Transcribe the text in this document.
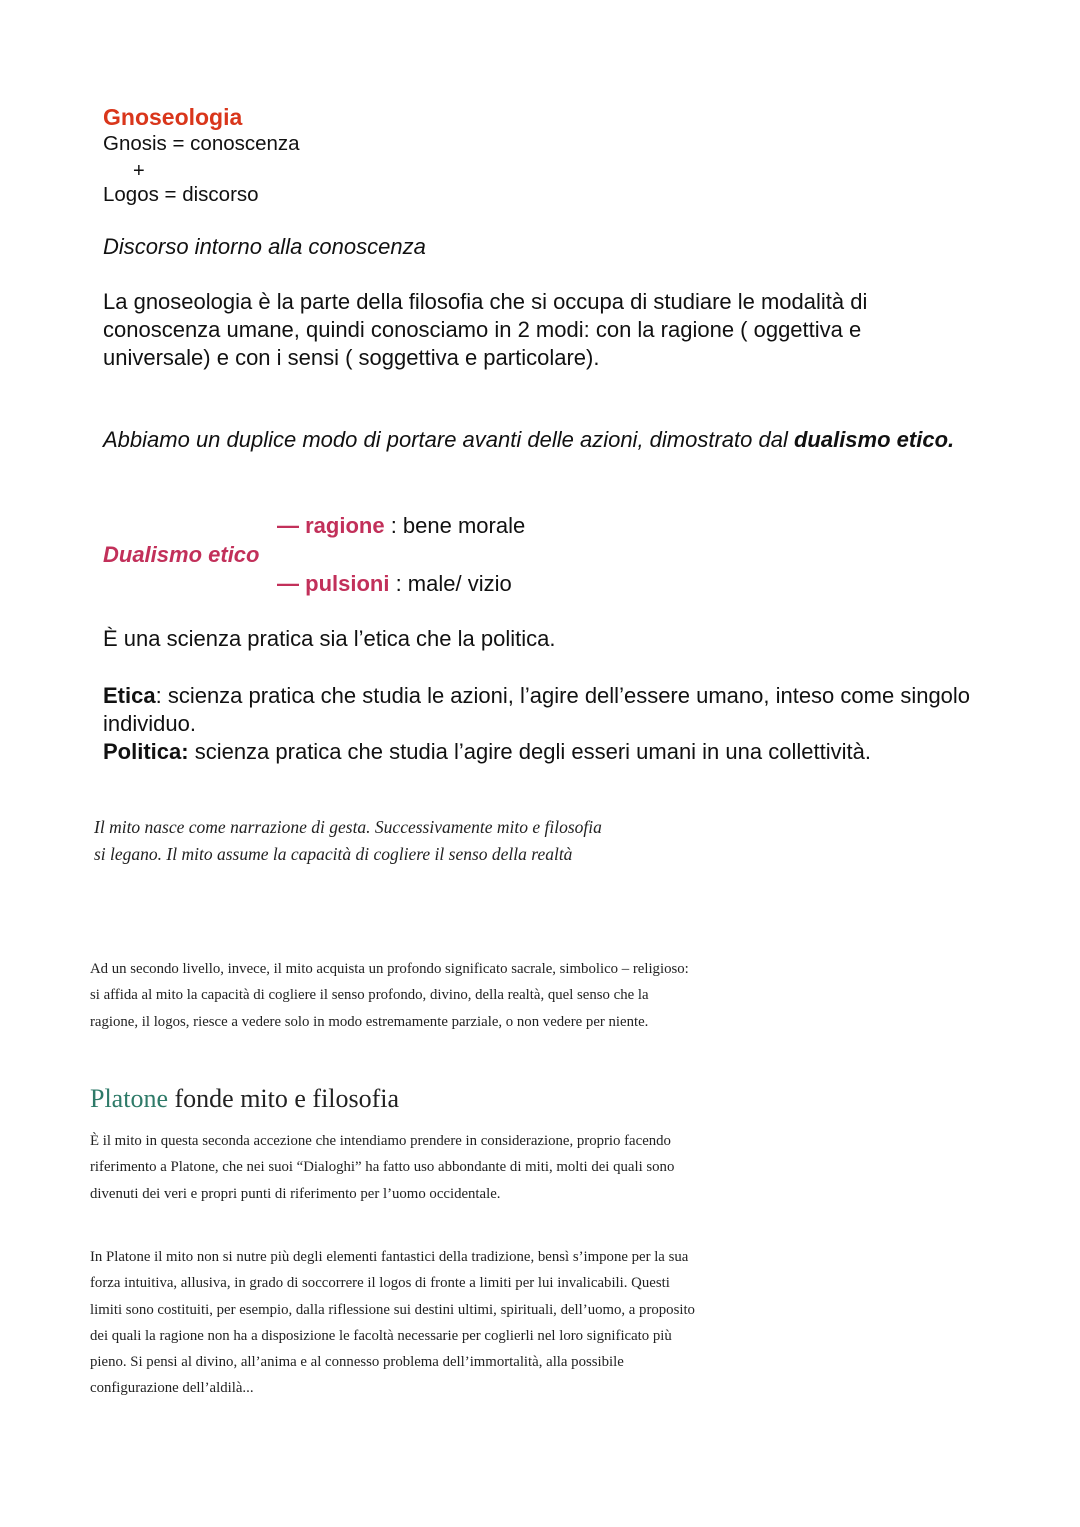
Gnoseologia
Gnosis = conoscenza
+
Logos = discorso
Discorso intorno alla conoscenza

La gnoseologia è la parte della filosofia che si occupa di studiare le modalità di conoscenza umane, quindi conosciamo in 2 modi: con la ragione ( oggettiva e universale) e con i sensi ( soggettiva e particolare).

Abbiamo un duplice modo di portare avanti delle azioni, dimostrato dal dualismo etico.

— ragione : bene morale
Dualismo etico
— pulsioni : male/ vizio

È una scienza pratica sia l’etica che la politica.

Etica: scienza pratica che studia le azioni, l’agire dell’essere umano, inteso come singolo individuo.

Politica: scienza pratica che studia l’agire degli esseri umani in una collettività.

Il mito nasce come narrazione di gesta. Successivamente mito e filosofia si legano. Il mito assume la capacità di cogliere il senso della realtà

Ad un secondo livello, invece, il mito acquista un profondo significato sacrale, simbolico – religioso: si affida al mito la capacità di cogliere il senso profondo, divino, della realtà, quel senso che la ragione, il logos, riesce a vedere solo in modo estremamente parziale, o non vedere per niente.

Platone fonde mito e filosofia

È il mito in questa seconda accezione che intendiamo prendere in considerazione, proprio facendo riferimento a Platone, che nei suoi “Dialoghi” ha fatto uso abbondante di miti, molti dei quali sono divenuti dei veri e propri punti di riferimento per l’uomo occidentale.

In Platone il mito non si nutre più degli elementi fantastici della tradizione, bensì s’impone per la sua forza intuitiva, allusiva, in grado di soccorrere il logos di fronte a limiti per lui invalicabili. Questi limiti sono costituiti, per esempio, dalla riflessione sui destini ultimi, spirituali, dell’uomo, a proposito dei quali la ragione non ha a disposizione le facoltà necessarie per coglierli nel loro significato più pieno. Si pensi al divino, all’anima e al connesso problema dell’immortalità, alla possibile configurazione dell’aldilà...
